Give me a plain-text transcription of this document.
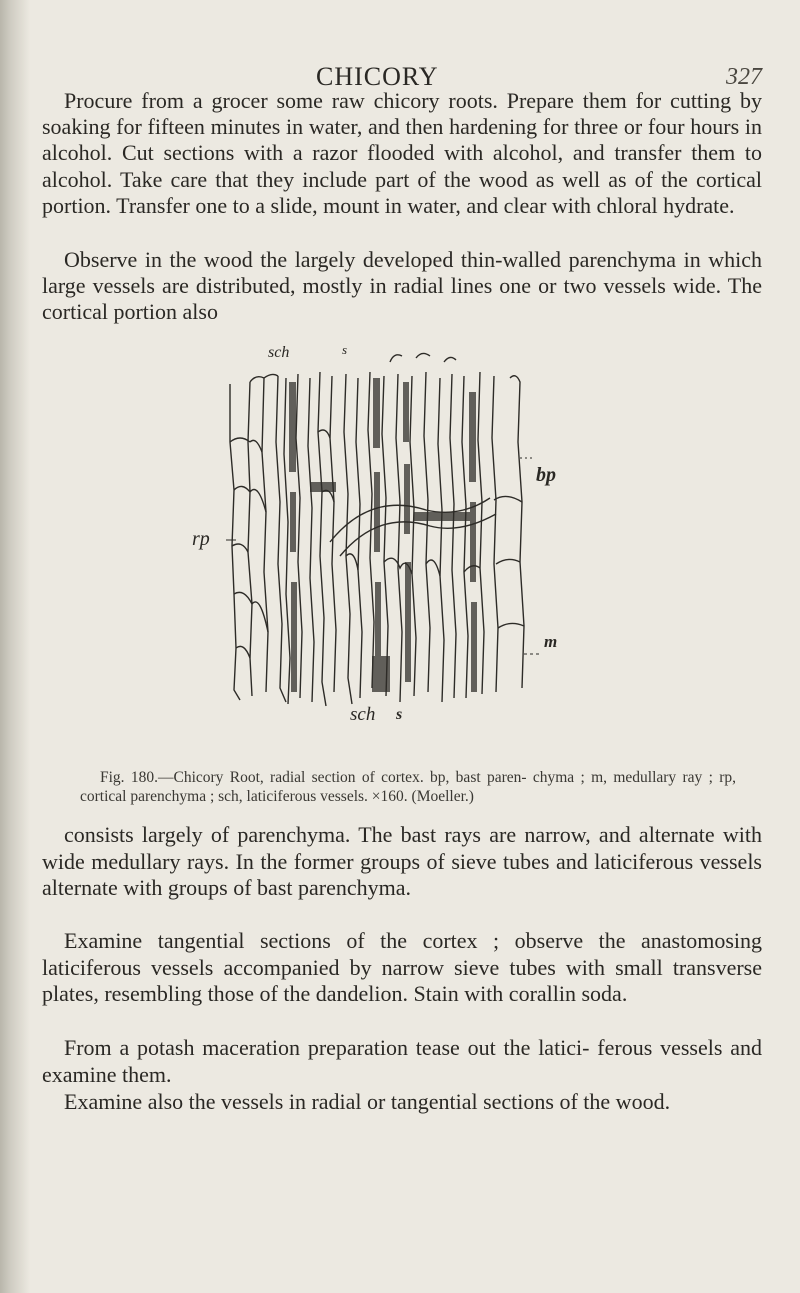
CHICORY	327

Procure from a grocer some raw chicory roots. Prepare them for cutting by soaking for fifteen minutes in water, and then hardening for three or four hours in alcohol. Cut sections with a razor flooded with alcohol, and transfer them to alcohol. Take care that they include part of the wood as well as of the cortical portion. Transfer one to a slide, mount in water, and clear with chloral hydrate.

Observe in the wood the largely developed thin-walled parenchyma in which large vessels are distributed, mostly in radial lines one or two vessels wide. The cortical portion also

sch	s
rp
bp
m
sch s

Fig. 180.—Chicory Root, radial section of cortex. bp, bast paren- chyma ; m, medullary ray ; rp, cortical parenchyma ; sch, laticiferous vessels. ×160. (Moeller.)

consists largely of parenchyma. The bast rays are narrow, and alternate with wide medullary rays. In the former groups of sieve tubes and laticiferous vessels alternate with groups of bast parenchyma.

Examine tangential sections of the cortex ; observe the anastomosing laticiferous vessels accompanied by narrow sieve tubes with small transverse plates, resembling those of the dandelion. Stain with corallin soda.

From a potash maceration preparation tease out the latici- ferous vessels and examine them.

Examine also the vessels in radial or tangential sections of the wood.
